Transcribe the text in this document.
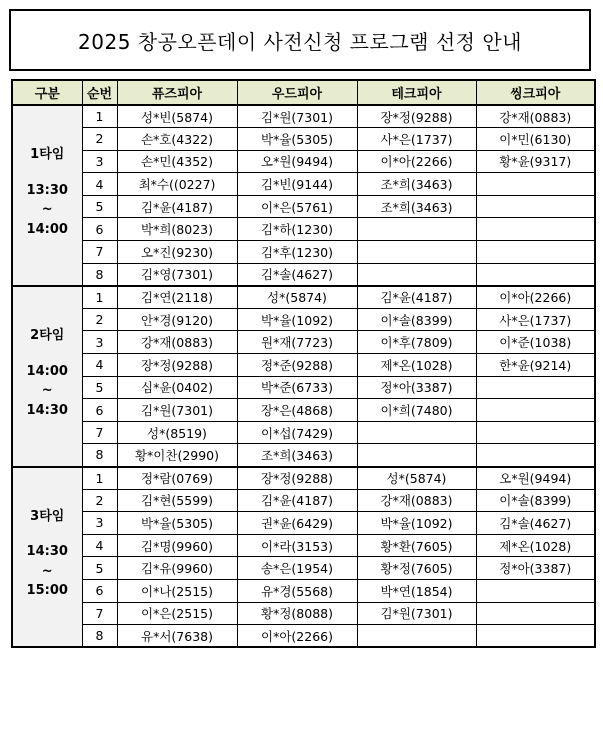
2025 창공오픈데이 사전신청 프로그램 선정 안내
구분	순번	퓨즈피아	우드피아	테크피아	씽크피아

1타임
13:30
~
14:00	1	성*빈(5874)	김*원(7301)	장*정(9288)	강*재(0883)
	2	손*호(4322)	박*율(5305)	사*은(1737)	이*민(6130)
	3	손*민(4352)	오*원(9494)	이*아(2266)	황*윤(9317)
	4	최*수((0227)	김*빈(9144)	조*희(3463)	
	5	김*윤(4187)	이*은(5761)	조*희(3463)	
	6	박*희(8023)	김*하(1230)		
	7	오*진(9230)	김*후(1230)		
	8	김*영(7301)	김*솔(4627)		

2타임
14:00
~
14:30	1	김*연(2118)	성*(5874)	김*윤(4187)	이*아(2266)
	2	안*경(9120)	박*율(1092)	이*솔(8399)	사*은(1737)
	3	강*재(0883)	원*재(7723)	이*후(7809)	이*준(1038)
	4	장*정(9288)	정*준(9288)	제*온(1028)	한*윤(9214)
	5	심*윤(0402)	박*준(6733)	정*아(3387)	
	6	김*원(7301)	장*은(4868)	이*희(7480)	
	7	성*(8519)	이*섭(7429)		
	8	황*이찬(2990)	조*희(3463)		

3타임
14:30
~
15:00	1	정*람(0769)	장*정(9288)	성*(5874)	오*원(9494)
	2	김*현(5599)	김*윤(4187)	강*재(0883)	이*솔(8399)
	3	박*율(5305)	권*윤(6429)	박*율(1092)	김*솔(4627)
	4	김*명(9960)	이*라(3153)	황*환(7605)	제*온(1028)
	5	김*유(9960)	송*은(1954)	황*정(7605)	정*아(3387)
	6	이*나(2515)	유*경(5568)	박*연(1854)	
	7	이*은(2515)	황*정(8088)	김*원(7301)	
	8	유*서(7638)	이*아(2266)		
